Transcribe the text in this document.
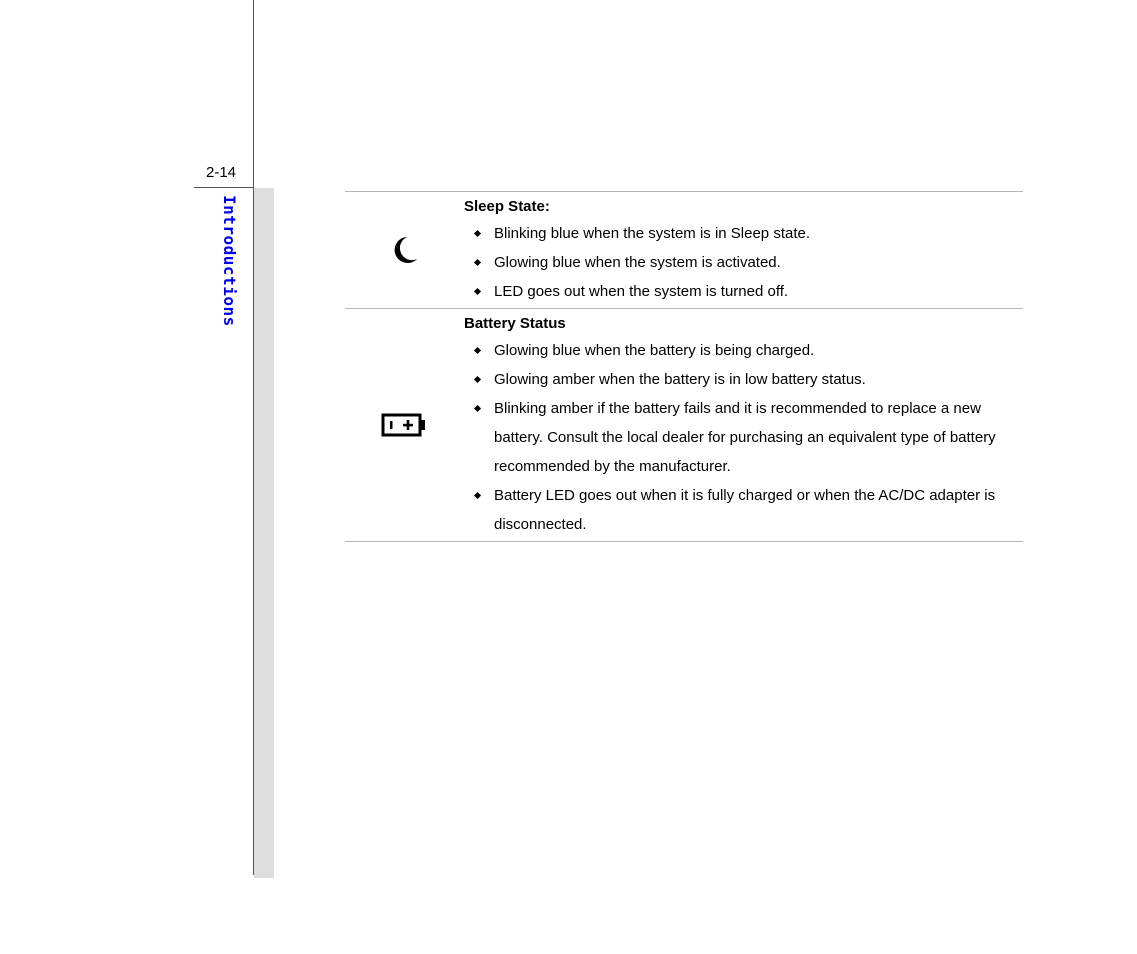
2-14
Introductions	Sleep State:
Blinking blue when the system is in Sleep state.
Glowing blue when the system is activated.
LED goes out when the system is turned off.
Battery Status
Glowing blue when the battery is being charged.
Glowing amber when the battery is in low battery status.
Blinking amber if the battery fails and it is recommended to replace a new battery. Consult the local dealer for purchasing an equivalent type of battery recommended by the manufacturer.
Battery LED goes out when it is fully charged or when the AC/DC adapter is disconnected.
